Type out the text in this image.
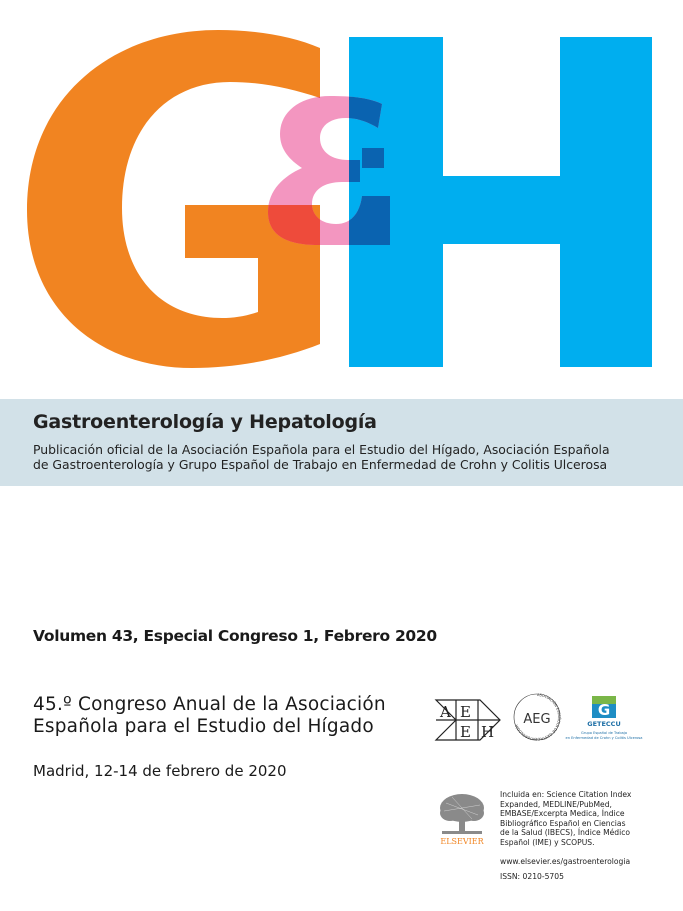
Gastroenterología y Hepatología

Publicación oficial de la Asociación Española para el Estudio del Hígado, Asociación Española
de Gastroenterología y Grupo Español de Trabajo en Enfermedad de Crohn y Colitis Ulcerosa

Volumen 43, Especial Congreso 1, Febrero 2020

45.º Congreso Anual de la Asociación
Española para el Estudio del Hígado

Madrid, 12-14 de febrero de 2020

A E
E H
ASOCIACIÓN ESPAÑOLA DE GASTROENTEROLOGÍA AEG
G
GETECCU
Grupo Español de Trabajo
en Enfermedad de Crohn y Colitis Ulcerosa
ELSEVIER

Incluida en: Science Citation Index
Expanded, MEDLINE/PubMed,
EMBASE/Excerpta Medica, Índice
Bibliográfico Español en Ciencias
de la Salud (IBECS), Índice Médico
Español (IME) y SCOPUS.

www.elsevier.es/gastroenterologia

ISSN: 0210-5705
